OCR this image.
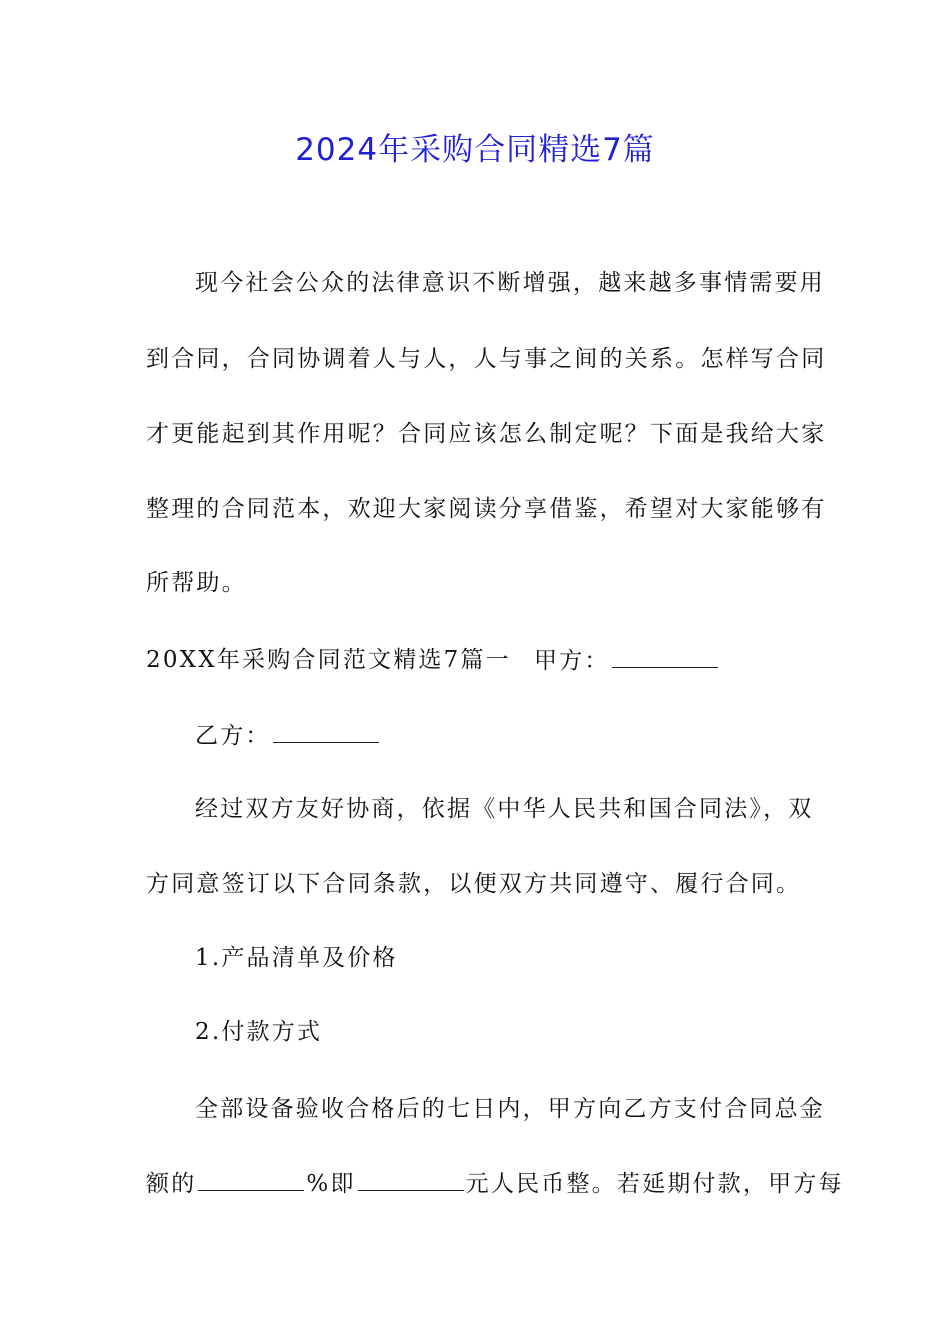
2024年采购合同精选7篇
现今社会公众的法律意识不断增强，越来越多事情需要用
到合同，合同协调着人与人，人与事之间的关系。怎样写合同
才更能起到其作用呢？合同应该怎么制定呢？下面是我给大家
整理的合同范本，欢迎大家阅读分享借鉴，希望对大家能够有
所帮助。
20XX年采购合同范文精选7篇一 甲方：
乙方：
经过双方友好协商，依据《中华人民共和国合同法》，双
方同意签订以下合同条款，以便双方共同遵守、履行合同。
1.产品清单及价格
2.付款方式
全部设备验收合格后的七日内，甲方向乙方支付合同总金
额的	%即	元人民币整。若延期付款，甲方每
